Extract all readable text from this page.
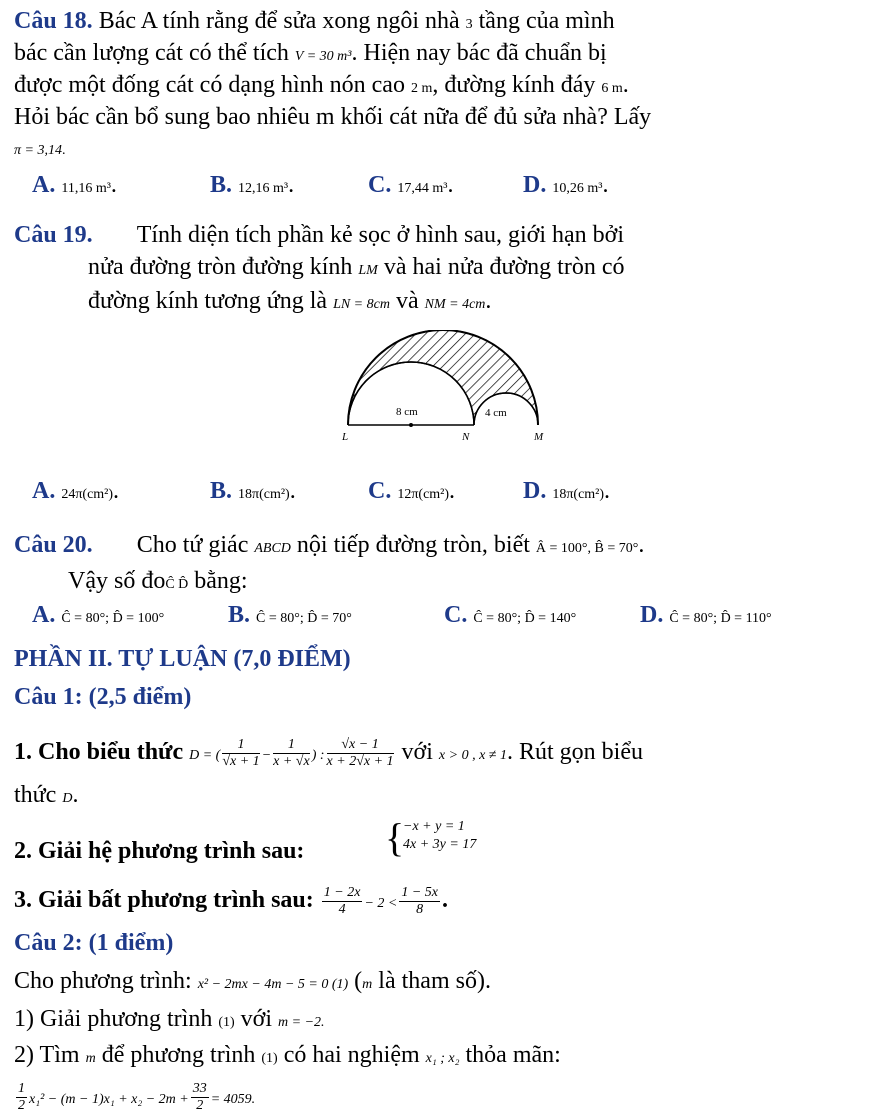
Câu 18. Bác A tính rằng để sửa xong ngôi nhà 3 tầng của mình
bác cần lượng cát có thể tích V = 30 m³. Hiện nay bác đã chuẩn bị
được một đống cát có dạng hình nón cao 2 m, đường kính đáy 6 m.
Hỏi bác cần bổ sung bao nhiêu m khối cát nữa để đủ sửa nhà? Lấy
π = 3,14.
A. 11,16 m³.	B. 12,16 m³.	C. 17,44 m³.	D. 10,26 m³.
Câu 19. Tính diện tích phần kẻ sọc ở hình sau, giới hạn bởi
nửa đường tròn đường kính LM và hai nửa đường tròn có
đường kính tương ứng là LN = 8cm và NM = 4cm.
8 cm	4 cm
L	N	M
A. 24π(cm²).	B. 18π(cm²).	C. 12π(cm²).	D. 18π(cm²).
Câu 20. Cho tứ giác ABCD nội tiếp đường tròn, biết Â = 100°, B̂ = 70°.
Vậy số đoĈ D̂ bằng:
A. Ĉ = 80°; D̂ = 100°	B. Ĉ = 80°; D̂ = 70°	C. Ĉ = 80°; D̂ = 140°	D. Ĉ = 80°; D̂ = 110°
PHẦN II. TỰ LUẬN (7,0 ĐIỂM)
Câu 1: (2,5 điểm)
1. Cho biểu thức D = ( $\frac{1}{√x + 1} - \frac{1}{x + √x}$ ) : $\frac{√x - 1}{x + 2√x + 1}$ với x > 0 , x ≠ 1. Rút gọn biểu
thức D.
2. Giải hệ phương trình sau: {
−x + y = 1
4x + 3y = 17
3. Giải bất phương trình sau: $\frac{1 - 2x}{4} - 2 < \frac{1 - 5x}{8}$ .
Câu 2: (1 điểm)
Cho phương trình: x² − 2mx − 4m − 5 = 0 (1) (m là tham số).
1) Giải phương trình (1) với m = −2.
2) Tìm m để phương trình (1) có hai nghiệm x₁ ; x₂ thỏa mãn:
$\frac{1}{2} x_1^2 - (m - 1)x_1 + x_2 - 2m + \frac{33}{2} = 4059$.
